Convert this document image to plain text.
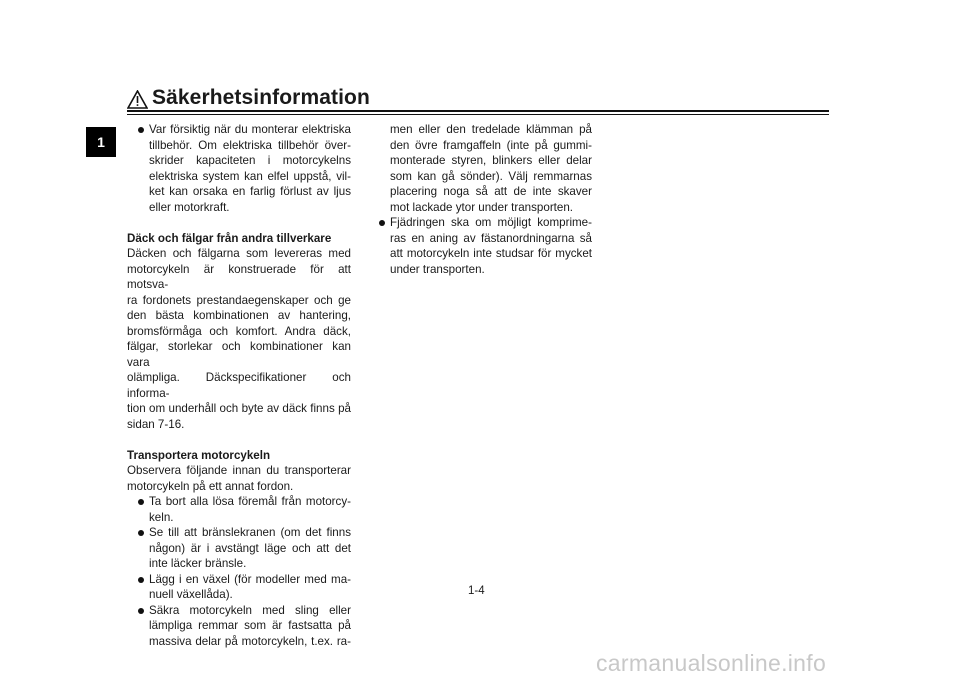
1
Säkerhetsinformation
Var försiktig när du monterar elektriska
tillbehör. Om elektriska tillbehör över-
skrider kapaciteten i motorcykelns
elektriska system kan elfel uppstå, vil-
ket kan orsaka en farlig förlust av ljus
eller motorkraft.
Däck och fälgar från andra tillverkare
Däcken och fälgarna som levereras med
motorcykeln är konstruerade för att motsva-
ra fordonets prestandaegenskaper och ge
den bästa kombinationen av hantering,
bromsförmåga och komfort. Andra däck,
fälgar, storlekar och kombinationer kan vara
olämpliga. Däckspecifikationer och informa-
tion om underhåll och byte av däck finns på
sidan 7-16.
Transportera motorcykeln
Observera följande innan du transporterar
motorcykeln på ett annat fordon.
Ta bort alla lösa föremål från motorcy-
keln.
Se till att bränslekranen (om det finns
någon) är i avstängt läge och att det
inte läcker bränsle.
Lägg i en växel (för modeller med ma-
nuell växellåda).
Säkra motorcykeln med sling eller
lämpliga remmar som är fastsatta på
massiva delar på motorcykeln, t.ex. ra-
men eller den tredelade klämman på
den övre framgaffeln (inte på gummi-
monterade styren, blinkers eller delar
som kan gå sönder). Välj remmarnas
placering noga så att de inte skaver
mot lackade ytor under transporten.
Fjädringen ska om möjligt komprime-
ras en aning av fästanordningarna så
att motorcykeln inte studsar för mycket
under transporten.
1-4
carmanualsonline.info
